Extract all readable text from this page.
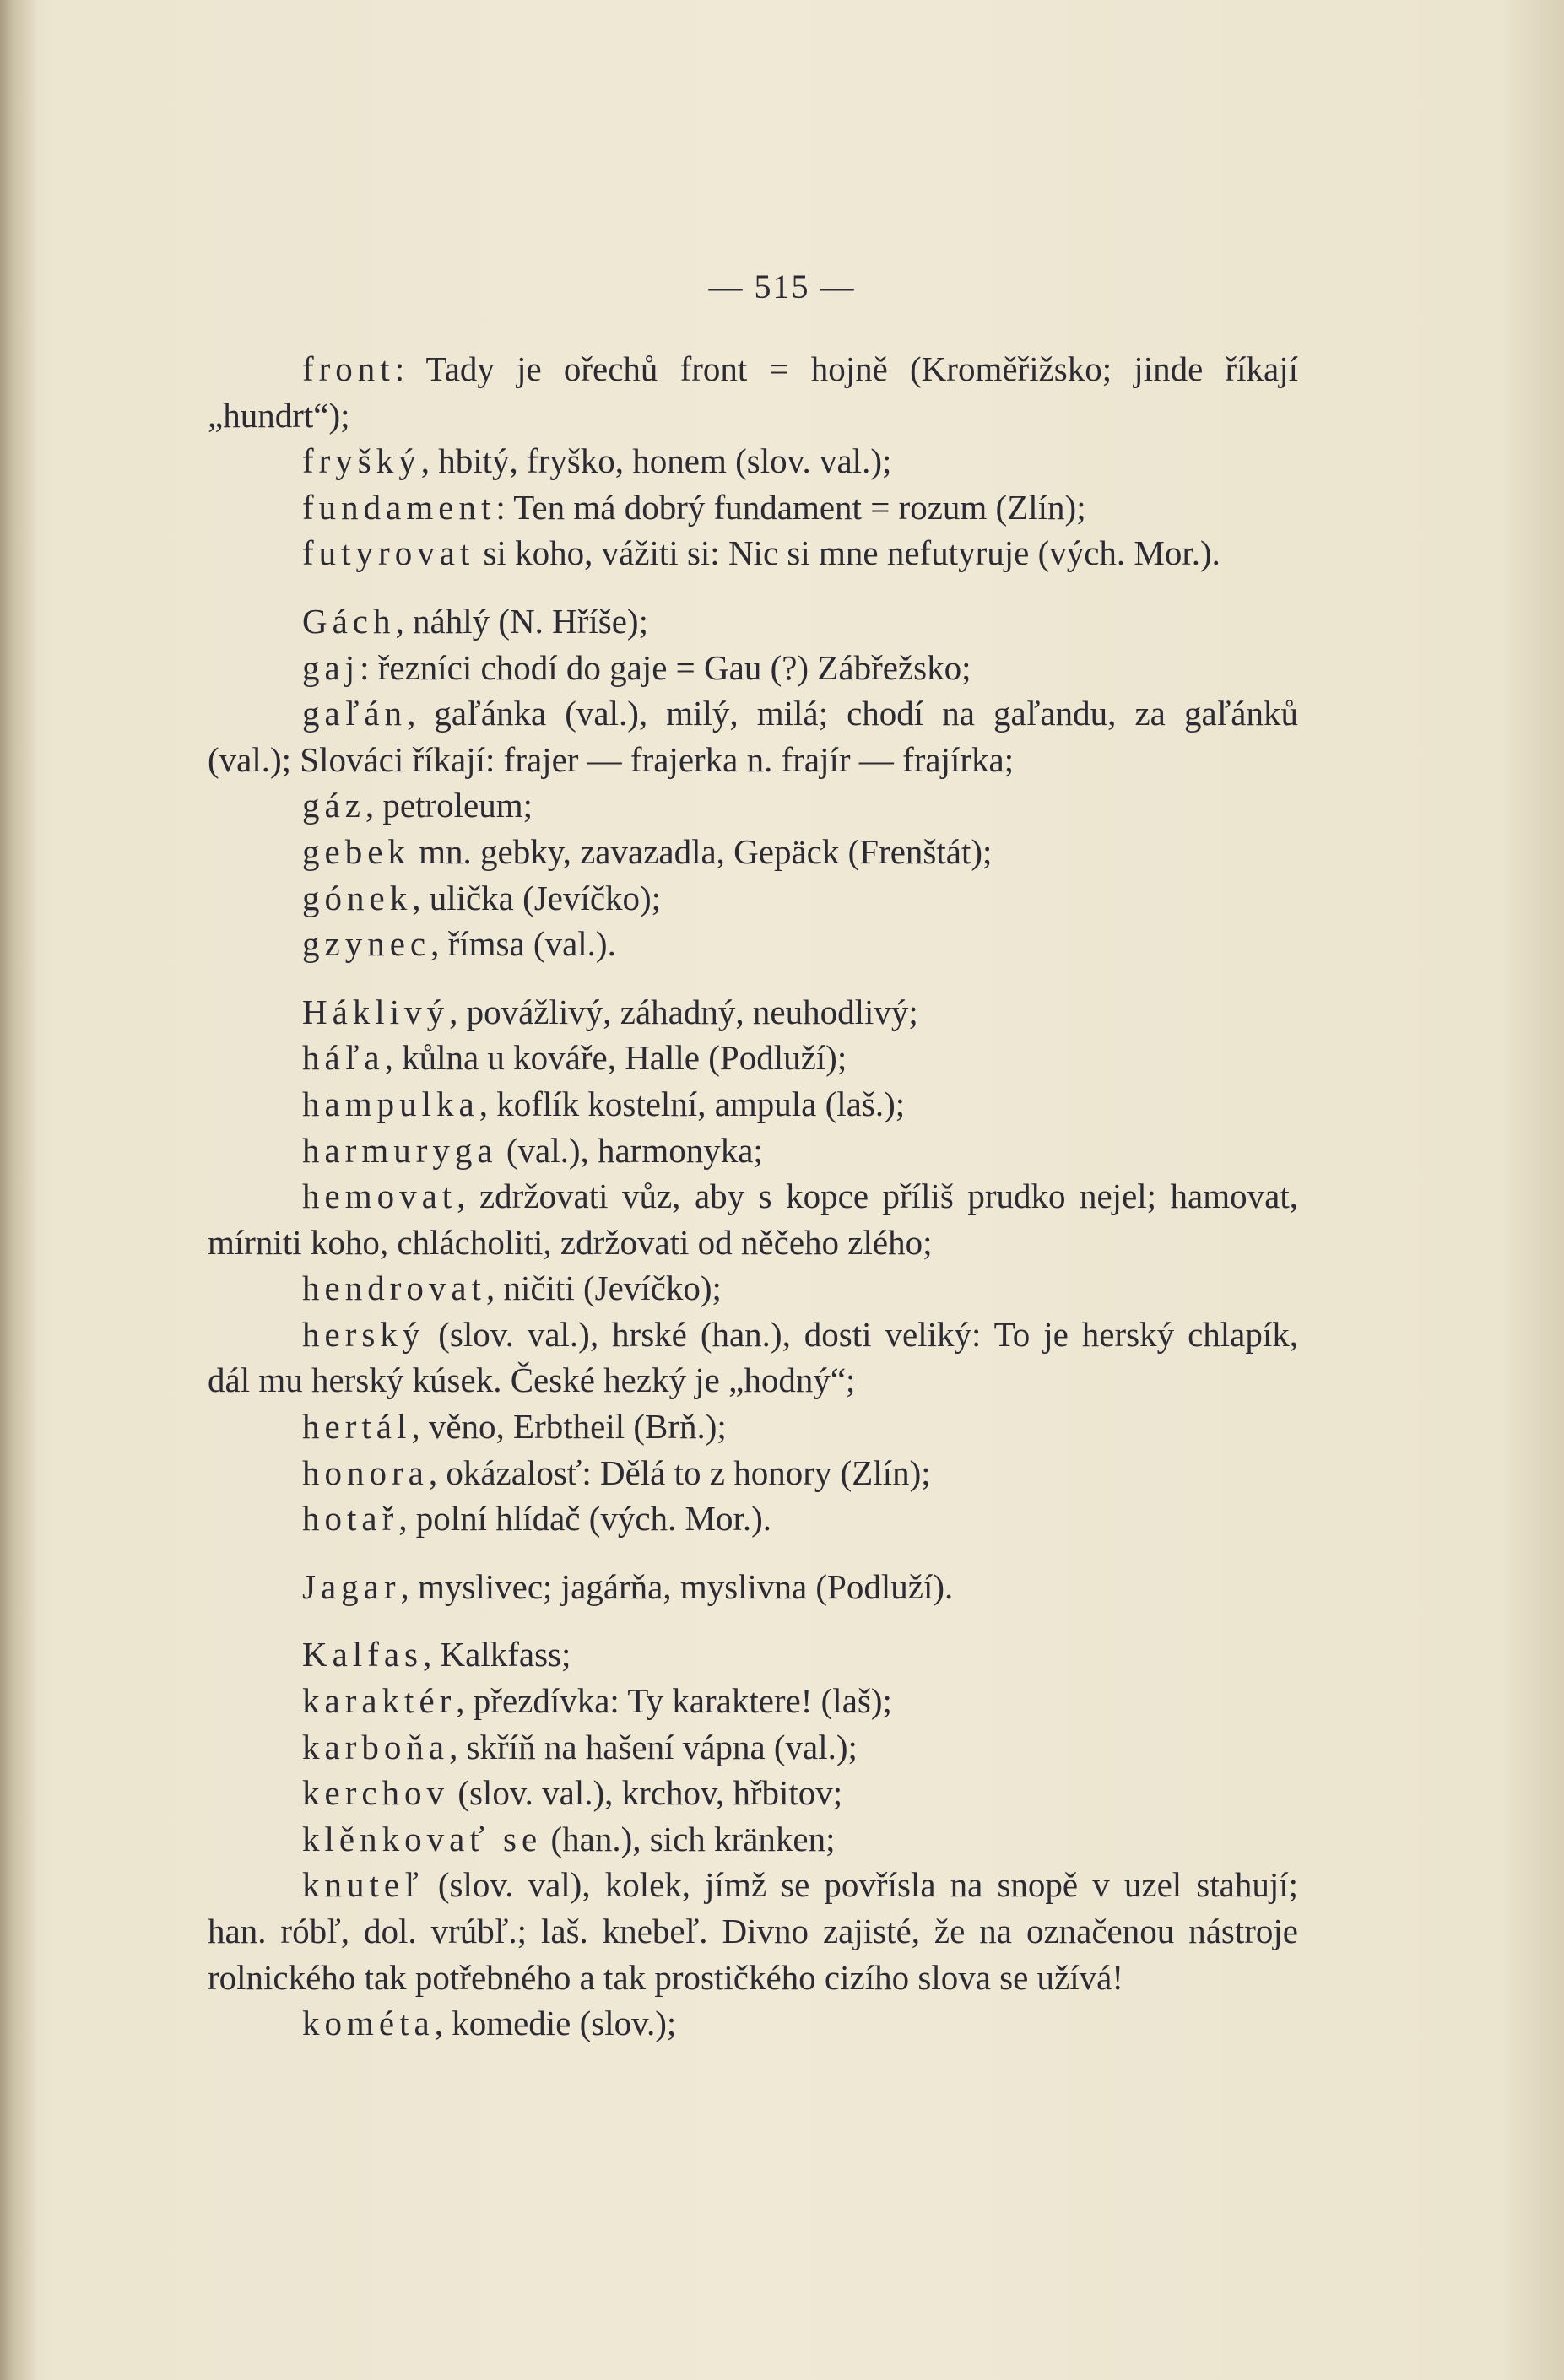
— 515 —

front: Tady je ořechů front = hojně (Kroměřižsko; jinde říkají „hundrt“);

fryšký, hbitý, fryško, honem (slov. val.);

fundament: Ten má dobrý fundament = rozum (Zlín);

futyrovat si koho, vážiti si: Nic si mne nefutyruje (vých. Mor.).

Gách, náhlý (N. Hříše);

gaj: řezníci chodí do gaje = Gau (?) Zábřežsko;

gaľán, gaľánka (val.), milý, milá; chodí na gaľandu, za gaľánků (val.); Slováci říkají: frajer — frajerka n. frajír — frajírka;

gáz, petroleum;

gebek mn. gebky, zavazadla, Gepäck (Frenštát);

gónek, ulička (Jevíčko);

gzynec, římsa (val.).

Háklivý, povážlivý, záhadný, neuhodlivý;

háľa, kůlna u kováře, Halle (Podluží);

hampulka, koflík kostelní, ampula (laš.);

harmuryga (val.), harmonyka;

hemovat, zdržovati vůz, aby s kopce příliš prudko nejel; hamovat, mírniti koho, chlácholiti, zdržovati od něčeho zlého;

hendrovat, ničiti (Jevíčko);

herský (slov. val.), hrské (han.), dosti veliký: To je herský chlapík, dál mu herský kúsek. České hezký je „hodný“;

hertál, věno, Erbtheil (Brň.);

honora, okázalosť: Dělá to z honory (Zlín);

hotař, polní hlídač (vých. Mor.).

Jagar, myslivec; jagárňa, myslivna (Podluží).

Kalfas, Kalkfass;

karaktér, přezdívka: Ty karaktere! (laš);

karboňa, skříň na hašení vápna (val.);

kerchov (slov. val.), krchov, hřbitov;

klěnkovať se (han.), sich kränken;

knuteľ (slov. val), kolek, jímž se povřísla na snopě v uzel stahují; han. róbľ, dol. vrúbľ.; laš. knebeľ. Divno zajisté, že na označenou nástroje rolnického tak potřebného a tak prostičkého cizího slova se užívá!

kométa, komedie (slov.);
